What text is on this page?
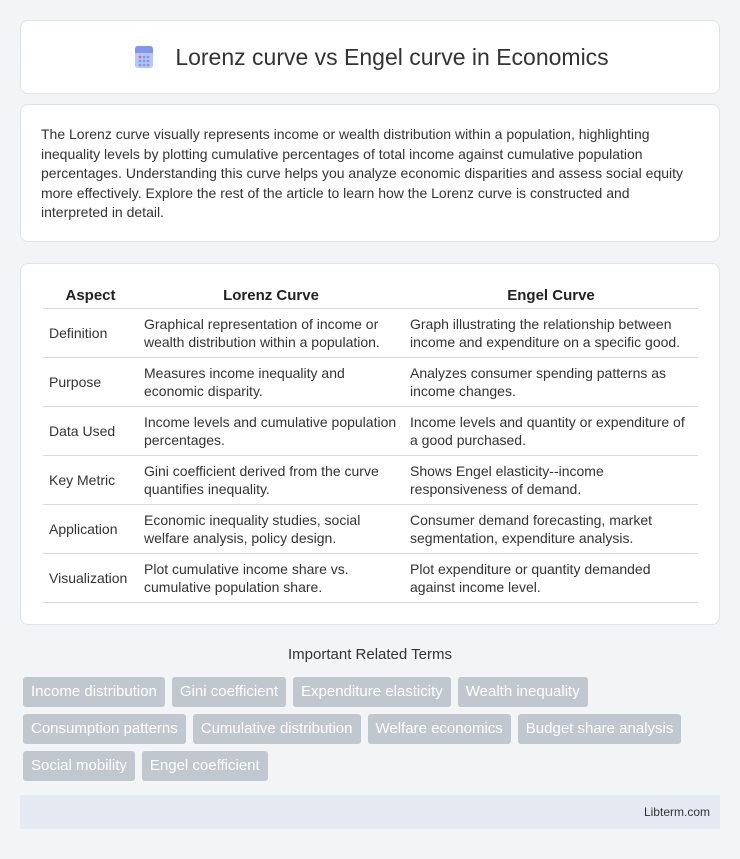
Lorenz curve vs Engel curve in Economics

The Lorenz curve visually represents income or wealth distribution within a population, highlighting inequality levels by plotting cumulative percentages of total income against cumulative population percentages. Understanding this curve helps you analyze economic disparities and assess social equity more effectively. Explore the rest of the article to learn how the Lorenz curve is constructed and interpreted in detail.

Aspect	Lorenz Curve	Engel Curve
Definition	Graphical representation of income or wealth distribution within a population.	Graph illustrating the relationship between income and expenditure on a specific good.
Purpose	Measures income inequality and economic disparity.	Analyzes consumer spending patterns as income changes.
Data Used	Income levels and cumulative population percentages.	Income levels and quantity or expenditure of a good purchased.
Key Metric	Gini coefficient derived from the curve quantifies inequality.	Shows Engel elasticity--income responsiveness of demand.
Application	Economic inequality studies, social welfare analysis, policy design.	Consumer demand forecasting, market segmentation, expenditure analysis.
Visualization	Plot cumulative income share vs. cumulative population share.	Plot expenditure or quantity demanded against income level.
Important Related Terms
Income distribution	Gini coefficient	Expenditure elasticity	Wealth inequality
Consumption patterns	Cumulative distribution	Welfare economics	Budget share analysis
Social mobility	Engel coefficient
Libterm.com
